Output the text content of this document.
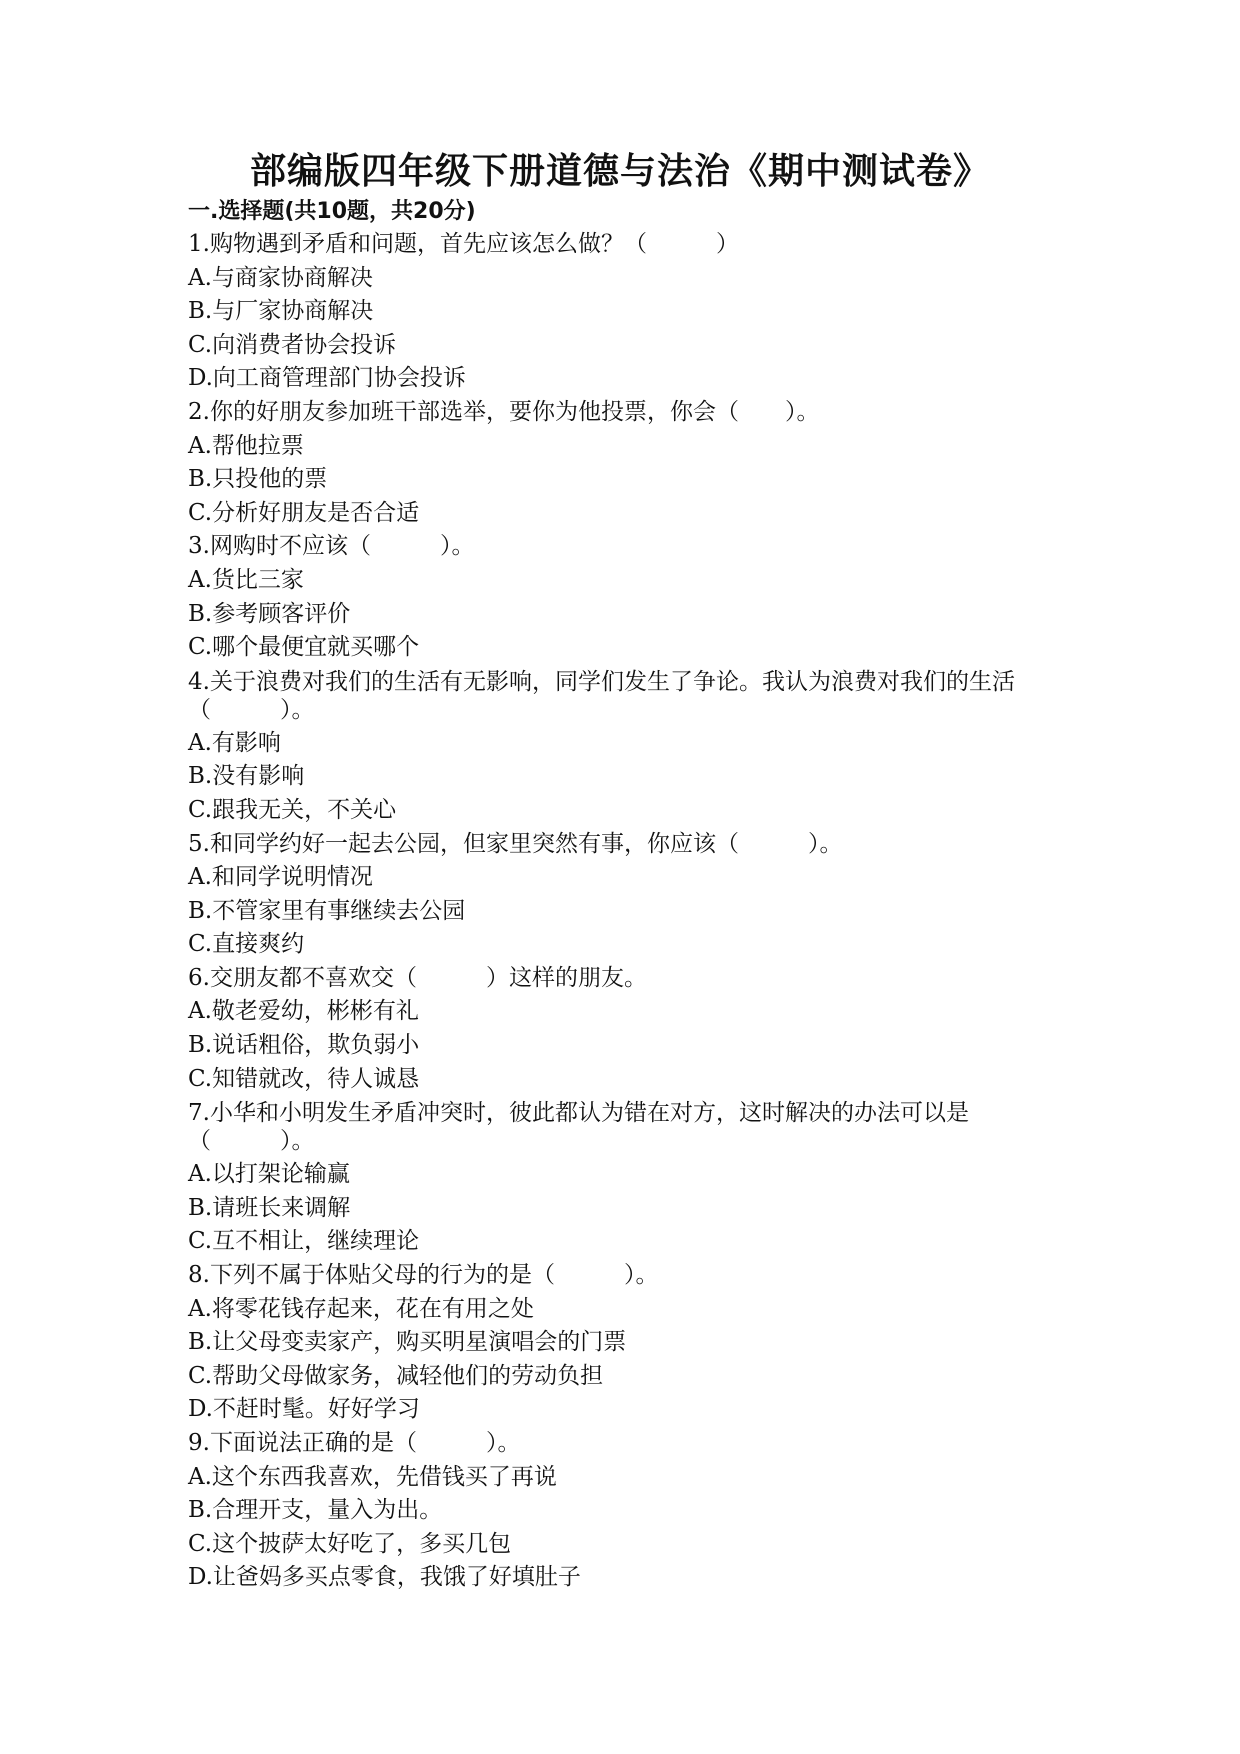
部编版四年级下册道德与法治《期中测试卷》

一.选择题(共10题，共20分)

1.购物遇到矛盾和问题，首先应该怎么做？（　　　）

A.与商家协商解决

B.与厂家协商解决

C.向消费者协会投诉

D.向工商管理部门协会投诉

2.你的好朋友参加班干部选举，要你为他投票，你会（　　）。

A.帮他拉票

B.只投他的票

C.分析好朋友是否合适

3.网购时不应该（　　　）。

A.货比三家

B.参考顾客评价

C.哪个最便宜就买哪个

4.关于浪费对我们的生活有无影响，同学们发生了争论。我认为浪费对我们的生活（　　　）。

A.有影响

B.没有影响

C.跟我无关，不关心

5.和同学约好一起去公园，但家里突然有事，你应该（　　　）。

A.和同学说明情况

B.不管家里有事继续去公园

C.直接爽约

6.交朋友都不喜欢交（　　　）这样的朋友。

A.敬老爱幼，彬彬有礼

B.说话粗俗，欺负弱小

C.知错就改，待人诚恳

7.小华和小明发生矛盾冲突时，彼此都认为错在对方，这时解决的办法可以是（　　　）。

A.以打架论输赢

B.请班长来调解

C.互不相让，继续理论

8.下列不属于体贴父母的行为的是（　　　）。

A.将零花钱存起来，花在有用之处

B.让父母变卖家产，购买明星演唱会的门票

C.帮助父母做家务，减轻他们的劳动负担

D.不赶时髦。好好学习

9.下面说法正确的是（　　　）。

A.这个东西我喜欢，先借钱买了再说

B.合理开支，量入为出。

C.这个披萨太好吃了，多买几包

D.让爸妈多买点零食，我饿了好填肚子
